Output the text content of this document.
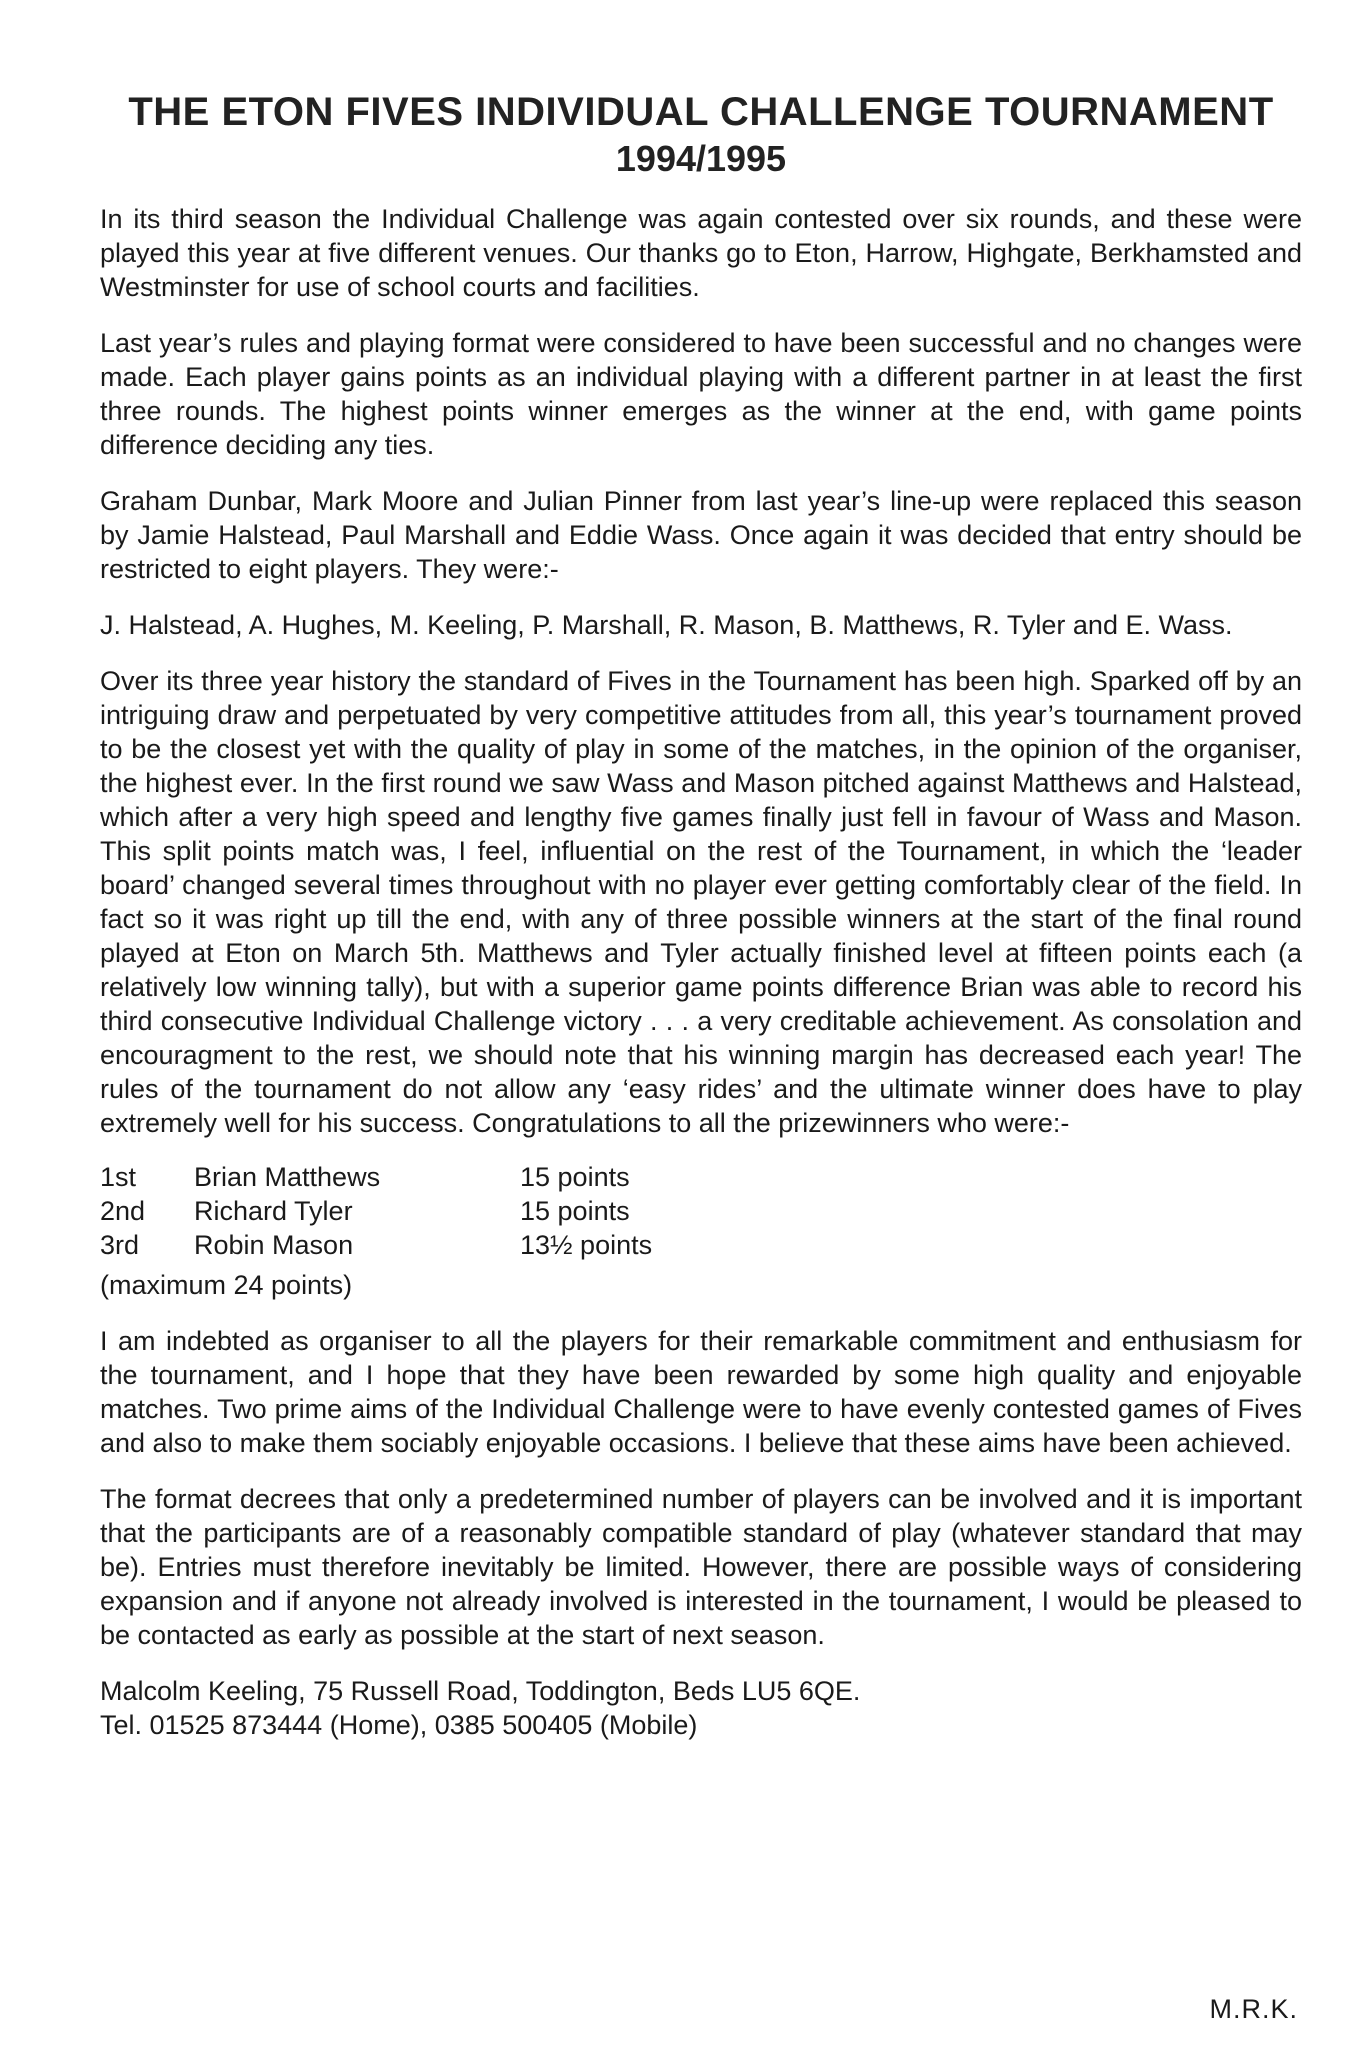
THE ETON FIVES INDIVIDUAL CHALLENGE TOURNAMENT
1994/1995

In its third season the Individual Challenge was again contested over six rounds, and these were played this year at five different venues. Our thanks go to Eton, Harrow, Highgate, Berkhamsted and Westminster for use of school courts and facilities.

Last year’s rules and playing format were considered to have been successful and no changes were made. Each player gains points as an individual playing with a different partner in at least the first three rounds. The highest points winner emerges as the winner at the end, with game points difference deciding any ties.

Graham Dunbar, Mark Moore and Julian Pinner from last year’s line-up were replaced this season by Jamie Halstead, Paul Marshall and Eddie Wass. Once again it was decided that entry should be restricted to eight players. They were:-

J. Halstead, A. Hughes, M. Keeling, P. Marshall, R. Mason, B. Matthews, R. Tyler and E. Wass.

Over its three year history the standard of Fives in the Tournament has been high. Sparked off by an intriguing draw and perpetuated by very competitive attitudes from all, this year’s tournament proved to be the closest yet with the quality of play in some of the matches, in the opinion of the organiser, the highest ever. In the first round we saw Wass and Mason pitched against Matthews and Halstead, which after a very high speed and lengthy five games finally just fell in favour of Wass and Mason. This split points match was, I feel, influential on the rest of the Tournament, in which the ‘leader board’ changed several times throughout with no player ever getting comfortably clear of the field. In fact so it was right up till the end, with any of three possible winners at the start of the final round played at Eton on March 5th. Matthews and Tyler actually finished level at fifteen points each (a relatively low winning tally), but with a superior game points difference Brian was able to record his third consecutive Individual Challenge victory . . . a very creditable achievement. As consolation and encouragment to the rest, we should note that his winning margin has decreased each year! The rules of the tournament do not allow any ‘easy rides’ and the ultimate winner does have to play extremely well for his success. Congratulations to all the prizewinners who were:-

1st	Brian Matthews	15 points
2nd	Richard Tyler	15 points
3rd	Robin Mason	13½ points

(maximum 24 points)

I am indebted as organiser to all the players for their remarkable commitment and enthusiasm for the tournament, and I hope that they have been rewarded by some high quality and enjoyable matches. Two prime aims of the Individual Challenge were to have evenly contested games of Fives and also to make them sociably enjoyable occasions. I believe that these aims have been achieved.

The format decrees that only a predetermined number of players can be involved and it is important that the participants are of a reasonably compatible standard of play (whatever standard that may be). Entries must therefore inevitably be limited. However, there are possible ways of considering expansion and if anyone not already involved is interested in the tournament, I would be pleased to be contacted as early as possible at the start of next season.

Malcolm Keeling, 75 Russell Road, Toddington, Beds LU5 6QE.

Tel. 01525 873444 (Home), 0385 500405 (Mobile)

M.R.K.
